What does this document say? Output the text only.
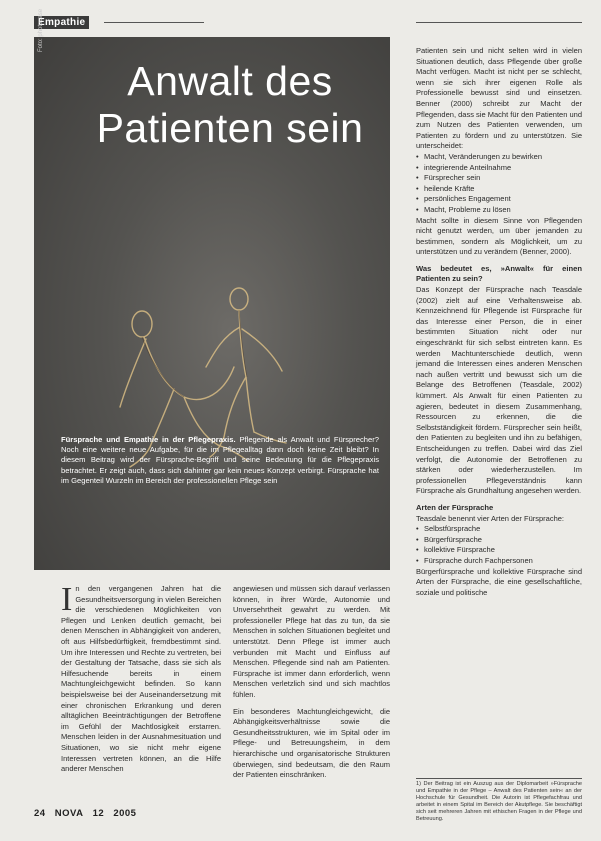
Empathie
Foto: photocase
Anwalt des
Patienten sein
Fürsprache und Empathie in der Pflegepraxis. Pflegende als Anwalt und Fürsprecher? Noch eine weitere neue Aufgabe, für die im Pflegealltag dann doch keine Zeit bleibt? In diesem Beitrag wird der Fürsprache-Begriff und seine Bedeutung für die Pflegepraxis betrachtet. Er zeigt auch, dass sich dahinter gar kein neues Konzept verbirgt. Fürsprache hat im Gegenteil Wurzeln im Bereich der professionellen Pflege sein
I n den vergangenen Jahren hat die Gesundheitsversorgung in vielen Bereichen die verschiedenen Möglichkeiten von Pflegen und Lenken deutlich gemacht, bei denen Menschen in Abhängigkeit von anderen, oft aus Hilfsbedürftigkeit, fremdbestimmt sind. Um ihre Interessen und Rechte zu vertreten, bei der Gestaltung der Tatsache, dass sie sich als Hilfesuchende bereits in einem Machtungleichgewicht befinden. So kann beispielsweise bei der Auseinandersetzung mit einer chronischen Erkrankung und deren alltäglichen Beeinträchtigungen der Betroffene im Gefühl der Machtlosigkeit erstarren. Menschen leiden in der Ausnahmesituation und Situationen, wo sie nicht mehr eigene Interessen vertreten können, an die Hilfe anderer Menschen

angewiesen und müssen sich darauf verlassen können, in ihrer Würde, Autonomie und Unversehrtheit gewahrt zu werden. Mit professioneller Pflege hat das zu tun, da sie Menschen in solchen Situationen begleitet und unterstützt. Denn Pflege ist immer auch verbunden mit Macht und Einfluss auf Menschen. Pflegende sind nah am Patienten. Fürsprache ist immer dann erforderlich, wenn Menschen verletzlich sind und sich machtlos fühlen.

Ein besonderes Machtungleichgewicht, die Abhängigkeitsverhältnisse sowie die Gesundheitsstrukturen, wie im Spital oder im Pflege- und Betreuungsheim, in dem hierarchische und organisatorische Strukturen überwiegen, sind bedeutsam, die den Raum der Patienten einschränken.

Patienten sein und nicht selten wird in vielen Situationen deutlich, dass Pflegende über große Macht verfügen. Macht ist nicht per se schlecht, wenn sie sich ihrer eigenen Rolle als Professionelle bewusst sind und einsetzen. Benner (2000) schreibt zur Macht der Pflegenden, dass sie Macht für den Patienten und zum Nutzen des Patienten verwenden, um Patienten zu fördern und zu unterstützen. Sie unterscheidet:

• Macht, Veränderungen zu bewirken
• integrierende Anteilnahme
• Fürsprecher sein
• heilende Kräfte
• persönliches Engagement
• Macht, Probleme zu lösen

Macht sollte in diesem Sinne von Pflegenden nicht genutzt werden, um über jemanden zu bestimmen, sondern als Möglichkeit, um zu unterstützen und zu verändern (Benner, 2000).

Was bedeutet es, »Anwalt« für einen Patienten zu sein?

Das Konzept der Fürsprache nach Teasdale (2002) zielt auf eine Verhaltensweise ab. Kennzeichnend für Pflegende ist Fürsprache für das Interesse einer Person, die in einer bestimmten Situation nicht oder nur eingeschränkt für sich selbst eintreten kann. Es werden Machtunterschiede deutlich, wenn jemand die Interessen eines anderen Menschen nach außen vertritt und bewusst sich um die Belange des Betroffenen (Teasdale, 2002) kümmert. Als Anwalt für einen Patienten zu agieren, bedeutet in diesem Zusammenhang, Ressourcen zu erkennen, die die Selbstständigkeit fördern. Fürsprecher sein heißt, den Patienten zu begleiten und ihn zu befähigen, Entscheidungen zu treffen. Dabei wird das Ziel verfolgt, die Autonomie der Betroffenen zu stärken oder wiederherzustellen. Im professionellen Pflegeverständnis kann Fürsprache als Grundhaltung angesehen werden.

Arten der Fürsprache

Teasdale benennt vier Arten der Fürsprache:

• Selbstfürsprache
• Bürgerfürsprache
• kollektive Fürsprache
• Fürsprache durch Fachpersonen

Bürgerfürsprache und kollektive Fürsprache sind Arten der Fürsprache, die eine gesellschaftliche, soziale und politische

1) Der Beitrag ist ein Auszug aus der Diplomarbeit »Fürsprache und Empathie in der Pflege – Anwalt des Patienten sein« an der Hochschule für Gesundheit. Die Autorin ist Pflegefachfrau und arbeitet in einem Spital im Bereich der Akutpflege. Sie beschäftigt sich seit mehreren Jahren mit ethischen Fragen in der Pflege und Betreuung.
24 NOVA 12 2005
